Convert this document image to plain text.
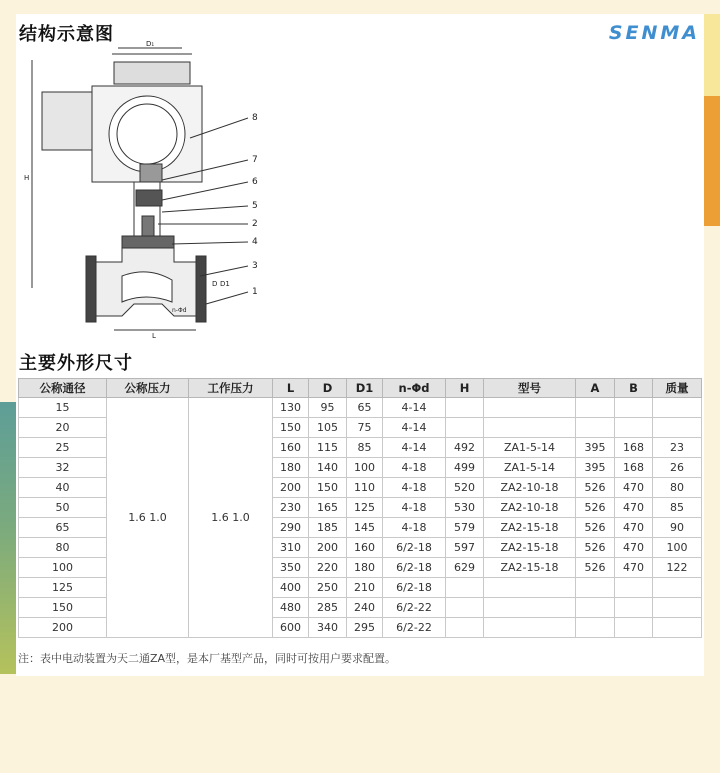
结构示意图	SENMA
8
7
6
5
2
4
3
1
D₁
H
L
D D1
n-Φd
主要外形尺寸
公称通径	公称压力	工作压力	L	D	D1	n-Φd	H	型号	A	B	质量
15	1.6 1.0	1.6 1.0	130	95	65	4-14					
20			150	105	75	4-14					
25			160	115	85	4-14	492	ZA1-5-14	395	168	23
32			180	140	100	4-18	499	ZA1-5-14	395	168	26
40			200	150	110	4-18	520	ZA2-10-18	526	470	80
50			230	165	125	4-18	530	ZA2-10-18	526	470	85
65			290	185	145	4-18	579	ZA2-15-18	526	470	90
80			310	200	160	6/2-18	597	ZA2-15-18	526	470	100
100			350	220	180	6/2-18	629	ZA2-15-18	526	470	122
125			400	250	210	6/2-18					
150			480	285	240	6/2-22					
200			600	340	295	6/2-22					
注：表中电动装置为天二通ZA型，是本厂基型产品，同时可按用户要求配置。
